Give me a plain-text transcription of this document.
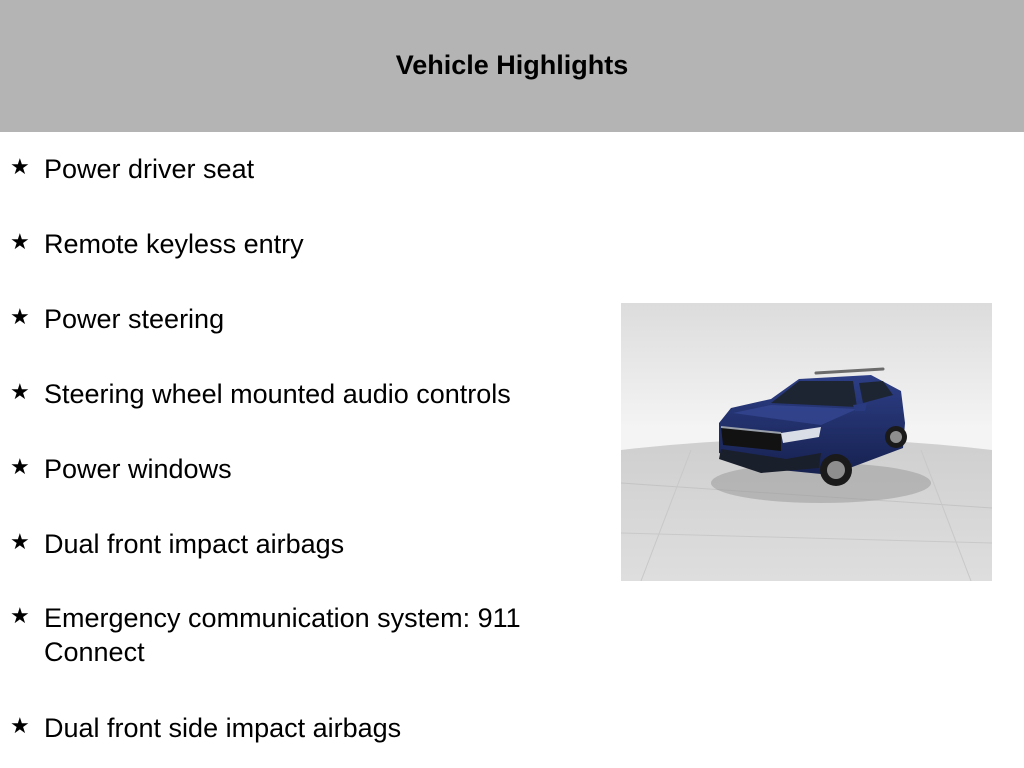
Vehicle Highlights
★ Power driver seat
★ Remote keyless entry
★ Power steering
★ Steering wheel mounted audio controls
★ Power windows
★ Dual front impact airbags
★ Emergency communication system: 911 Connect
★ Dual front side impact airbags
